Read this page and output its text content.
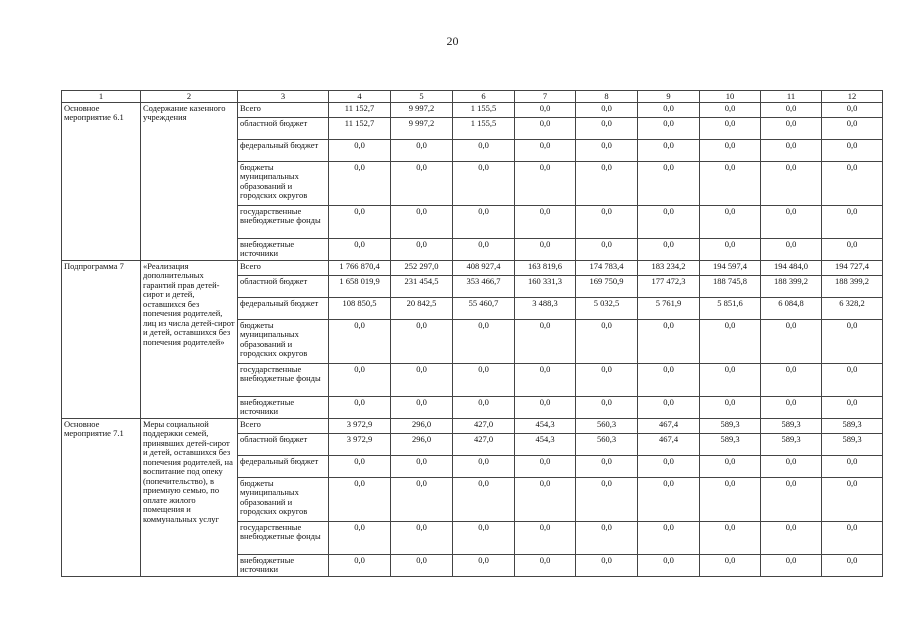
20
1	2	3	4	5	6	7	8	9	10	11	12
Основное мероприятие 6.1	Содержание казенного учреждения	Всего	11 152,7	9 997,2	1 155,5	0,0	0,0	0,0	0,0	0,0	0,0
		областной бюджет	11 152,7	9 997,2	1 155,5	0,0	0,0	0,0	0,0	0,0	0,0
		федеральный бюджет	0,0	0,0	0,0	0,0	0,0	0,0	0,0	0,0	0,0
		бюджеты муниципальных образований и городских округов	0,0	0,0	0,0	0,0	0,0	0,0	0,0	0,0	0,0
		государственные внебюджетные фонды	0,0	0,0	0,0	0,0	0,0	0,0	0,0	0,0	0,0
		внебюджетные источники	0,0	0,0	0,0	0,0	0,0	0,0	0,0	0,0	0,0
Подпрограмма 7	«Реализация дополнительных гарантий прав детей-сирот и детей, оставшихся без попечения родителей, лиц из числа детей-сирот и детей, оставшихся без попечения родителей»	Всего	1 766 870,4	252 297,0	408 927,4	163 819,6	174 783,4	183 234,2	194 597,4	194 484,0	194 727,4
		областной бюджет	1 658 019,9	231 454,5	353 466,7	160 331,3	169 750,9	177 472,3	188 745,8	188 399,2	188 399,2
		федеральный бюджет	108 850,5	20 842,5	55 460,7	3 488,3	5 032,5	5 761,9	5 851,6	6 084,8	6 328,2
		бюджеты муниципальных образований и городских округов	0,0	0,0	0,0	0,0	0,0	0,0	0,0	0,0	0,0
		государственные внебюджетные фонды	0,0	0,0	0,0	0,0	0,0	0,0	0,0	0,0	0,0
		внебюджетные источники	0,0	0,0	0,0	0,0	0,0	0,0	0,0	0,0	0,0
Основное мероприятие 7.1	Меры социальной поддержки семей, принявших детей-сирот и детей, оставшихся без попечения родителей, на воспитание под опеку (попечительство), в приемную семью, по оплате жилого помещения и коммунальных услуг	Всего	3 972,9	296,0	427,0	454,3	560,3	467,4	589,3	589,3	589,3
		областной бюджет	3 972,9	296,0	427,0	454,3	560,3	467,4	589,3	589,3	589,3
		федеральный бюджет	0,0	0,0	0,0	0,0	0,0	0,0	0,0	0,0	0,0
		бюджеты муниципальных образований и городских округов	0,0	0,0	0,0	0,0	0,0	0,0	0,0	0,0	0,0
		государственные внебюджетные фонды	0,0	0,0	0,0	0,0	0,0	0,0	0,0	0,0	0,0
		внебюджетные источники	0,0	0,0	0,0	0,0	0,0	0,0	0,0	0,0	0,0
